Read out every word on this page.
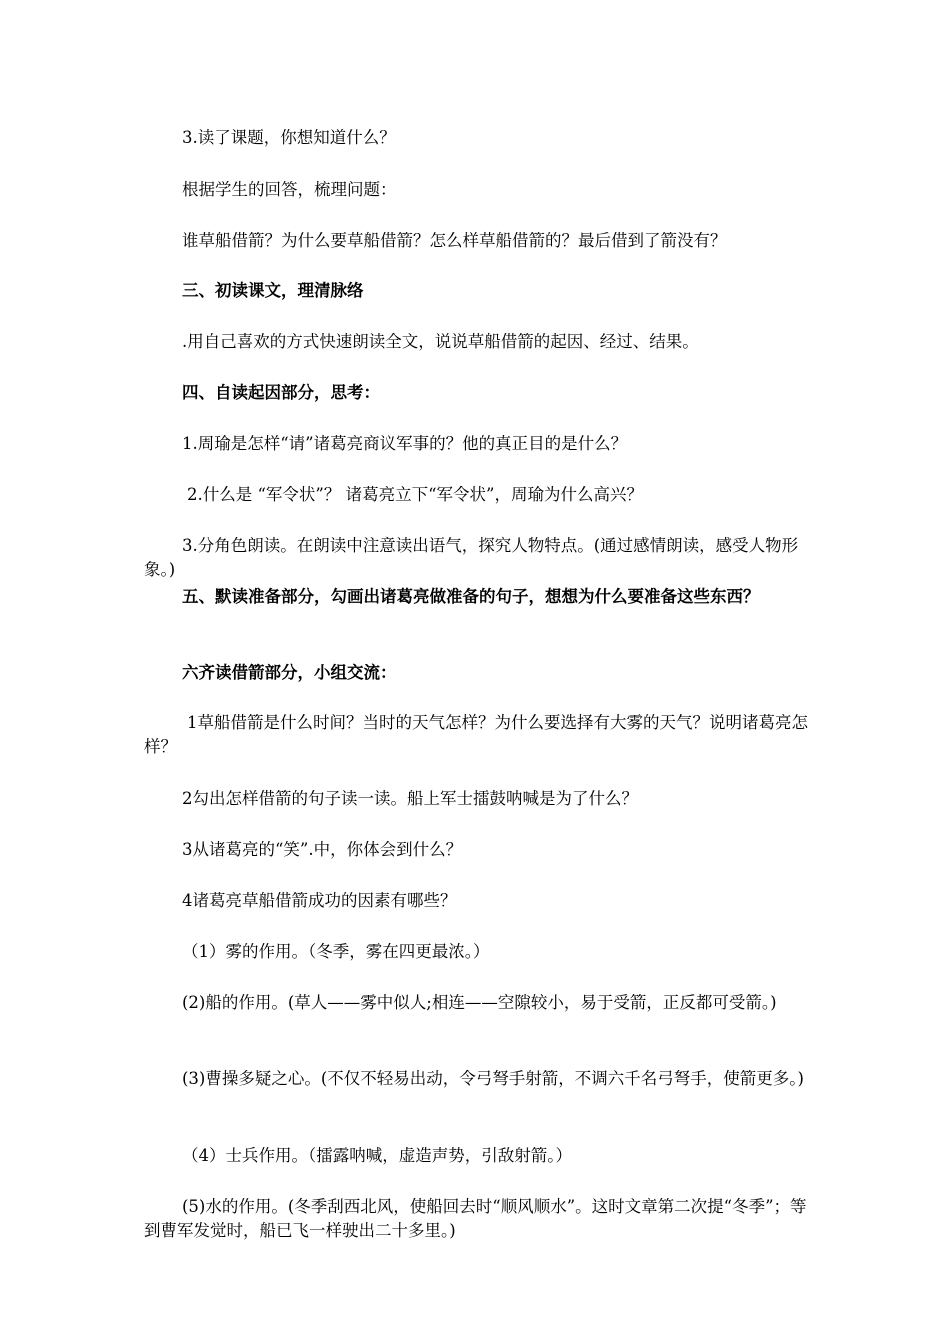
3.读了课题，你想知道什么？

根据学生的回答，梳理问题：

谁草船借箭？为什么要草船借箭？怎么样草船借箭的？最后借到了箭没有？

三、初读课文，理清脉络

.用自己喜欢的方式快速朗读全文，说说草船借箭的起因、经过、结果。

四、自读起因部分，思考：

1.周瑜是怎样“请”诸葛亮商议军事的？他的真正目的是什么？

2.什么是 “军令状”？ 诸葛亮立下“军令状”，周瑜为什么高兴？

3.分角色朗读。在朗读中注意读出语气，探究人物特点。(通过感情朗读，感受人物形象。)

五、默读准备部分，勾画出诸葛亮做准备的句子，想想为什么要准备这些东西？

六齐读借箭部分，小组交流：

1草船借箭是什么时间？当时的天气怎样？为什么要选择有大雾的天气？说明诸葛亮怎样？

2勾出怎样借箭的句子读一读。船上军士擂鼓呐喊是为了什么？

3从诸葛亮的“笑”.中，你体会到什么？

4诸葛亮草船借箭成功的因素有哪些？

（1）雾的作用。（冬季，雾在四更最浓。）

(2)船的作用。(草人——雾中似人;相连——空隙较小，易于受箭，正反都可受箭。)

(3)曹操多疑之心。(不仅不轻易出动，令弓弩手射箭，不调六千名弓弩手，使箭更多。)

（4）士兵作用。（擂露呐喊，虚造声势，引敌射箭。）

(5)水的作用。(冬季刮西北风，使船回去时“顺风顺水”。这时文章第二次提“冬季”；等到曹军发觉时，船已飞一样驶出二十多里。)
